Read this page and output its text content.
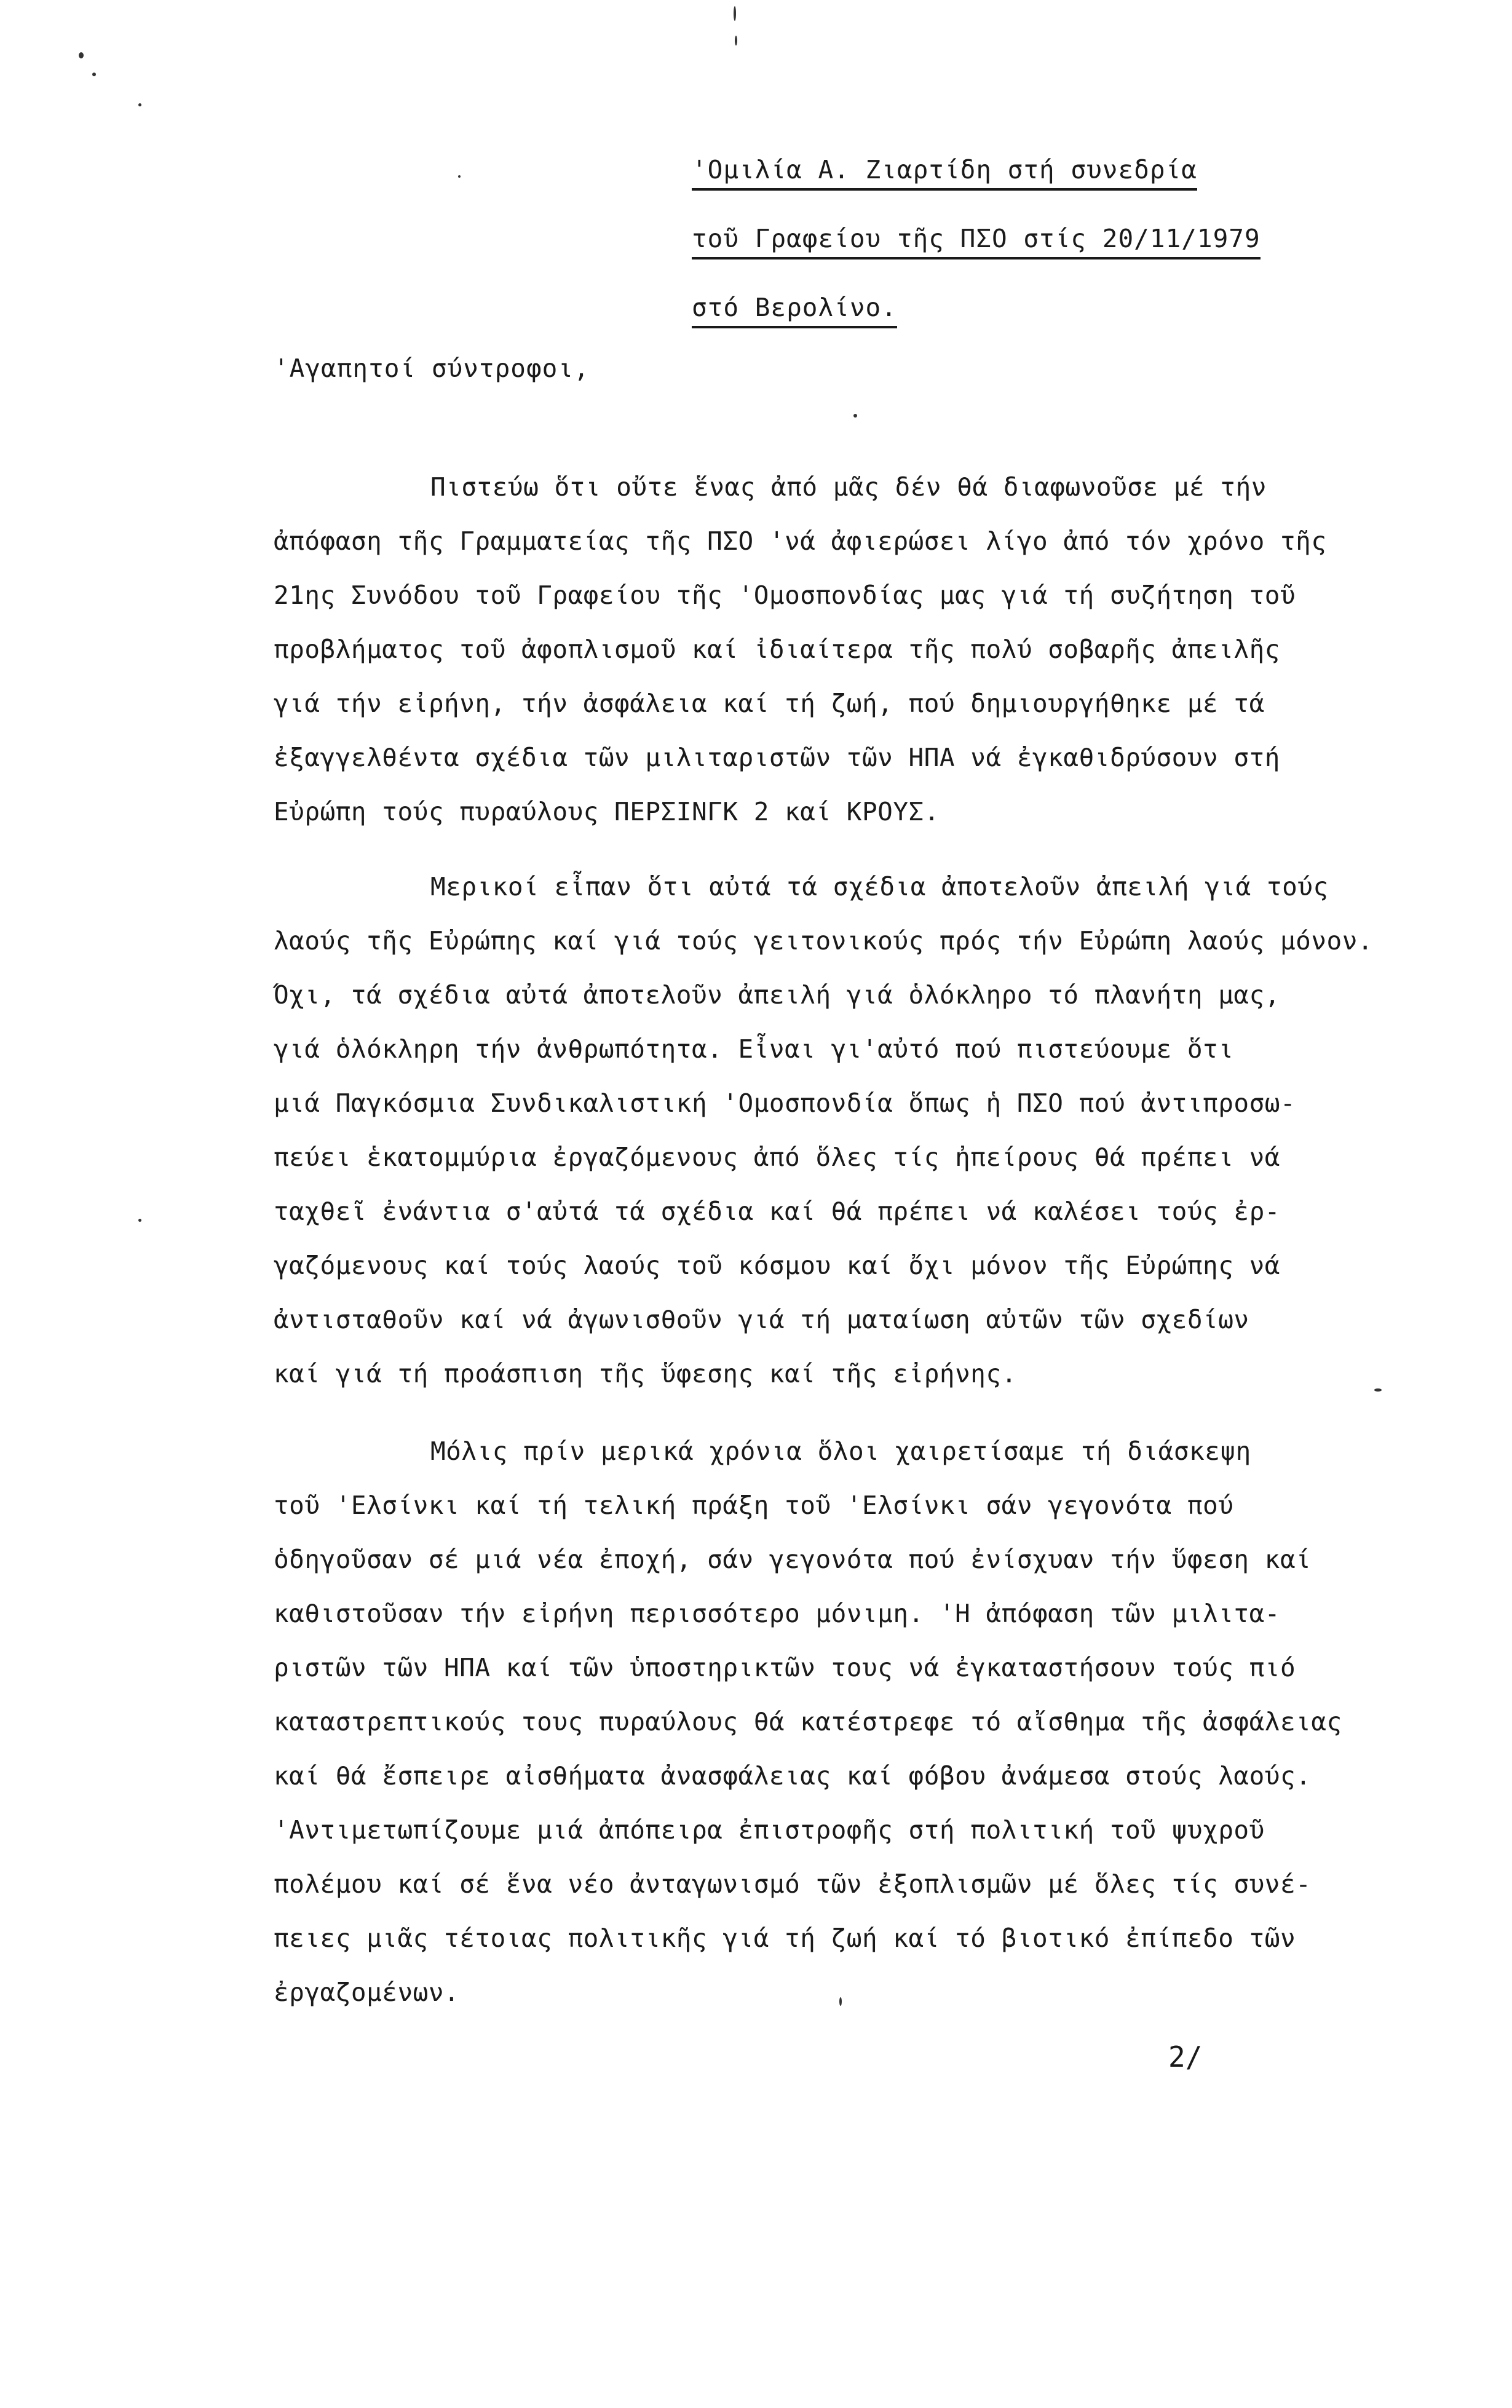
'Ομιλία Α. Ζιαρτίδη στή συνεδρία
τοῦ Γραφείου τῆς ΠΣΟ στίς 20/11/1979
στό Βερολίνο.
'Αγαπητοί σύντροφοι,
Πιστεύω ὅτι οὔτε ἕνας ἀπό μᾶς δέν θά διαφωνοῦσε μέ τήν
ἀπόφαση τῆς Γραμματείας τῆς ΠΣΟ 'νά ἀφιερώσει λίγο ἀπό τόν χρόνο τῆς
21ης Συνόδου τοῦ Γραφείου τῆς 'Ομοσπονδίας μας γιά τή συζήτηση τοῦ
προβλήματος τοῦ ἀφοπλισμοῦ καί ἰδιαίτερα τῆς πολύ σοβαρῆς ἀπειλῆς
γιά τήν εἰρήνη, τήν ἀσφάλεια καί τή ζωή, πού δημιουργήθηκε μέ τά
ἐξαγγελθέντα σχέδια τῶν μιλιταριστῶν τῶν ΗΠΑ νά ἐγκαθιδρύσουν στή
Εὐρώπη τούς πυραύλους ΠΕΡΣΙΝΓΚ 2 καί ΚΡΟΥΣ.
Μερικοί εἶπαν ὅτι αὐτά τά σχέδια ἀποτελοῦν ἀπειλή γιά τούς
λαούς τῆς Εὐρώπης καί γιά τούς γειτονικούς πρός τήν Εὐρώπη λαούς μόνον.
Όχι, τά σχέδια αὐτά ἀποτελοῦν ἀπειλή γιά ὁλόκληρο τό πλανήτη μας,
γιά ὁλόκληρη τήν ἀνθρωπότητα. Εἶναι γι'αὐτό πού πιστεύουμε ὅτι
μιά Παγκόσμια Συνδικαλιστική 'Ομοσπονδία ὅπως ἡ ΠΣΟ πού ἀντιπροσω-
πεύει ἑκατομμύρια ἐργαζόμενους ἀπό ὅλες τίς ἠπείρους θά πρέπει νά
ταχθεῖ ἐνάντια σ'αὐτά τά σχέδια καί θά πρέπει νά καλέσει τούς ἐρ-
γαζόμενους καί τούς λαούς τοῦ κόσμου καί ὄχι μόνον τῆς Εὐρώπης νά
ἀντισταθοῦν καί νά ἀγωνισθοῦν γιά τή ματαίωση αὐτῶν τῶν σχεδίων
καί γιά τή προάσπιση τῆς ὕφεσης καί τῆς εἰρήνης.
Μόλις πρίν μερικά χρόνια ὅλοι χαιρετίσαμε τή διάσκεψη
τοῦ 'Ελσίνκι καί τή τελική πράξη τοῦ 'Ελσίνκι σάν γεγονότα πού
ὁδηγοῦσαν σέ μιά νέα ἐποχή, σάν γεγονότα πού ἐνίσχυαν τήν ὕφεση καί
καθιστοῦσαν τήν εἰρήνη περισσότερο μόνιμη. 'Η ἀπόφαση τῶν μιλιτα-
ριστῶν τῶν ΗΠΑ καί τῶν ὑποστηρικτῶν τους νά ἐγκαταστήσουν τούς πιό
καταστρεπτικούς τους πυραύλους θά κατέστρεφε τό αἴσθημα τῆς ἀσφάλειας
καί θά ἔσπειρε αἰσθήματα ἀνασφάλειας καί φόβου ἀνάμεσα στούς λαούς.
'Αντιμετωπίζουμε μιά ἀπόπειρα ἐπιστροφῆς στή πολιτική τοῦ ψυχροῦ
πολέμου καί σέ ἕνα νέο ἀνταγωνισμό τῶν ἐξοπλισμῶν μέ ὅλες τίς συνέ-
πειες μιᾶς τέτοιας πολιτικῆς γιά τή ζωή καί τό βιοτικό ἐπίπεδο τῶν
ἐργαζομένων.
2/
